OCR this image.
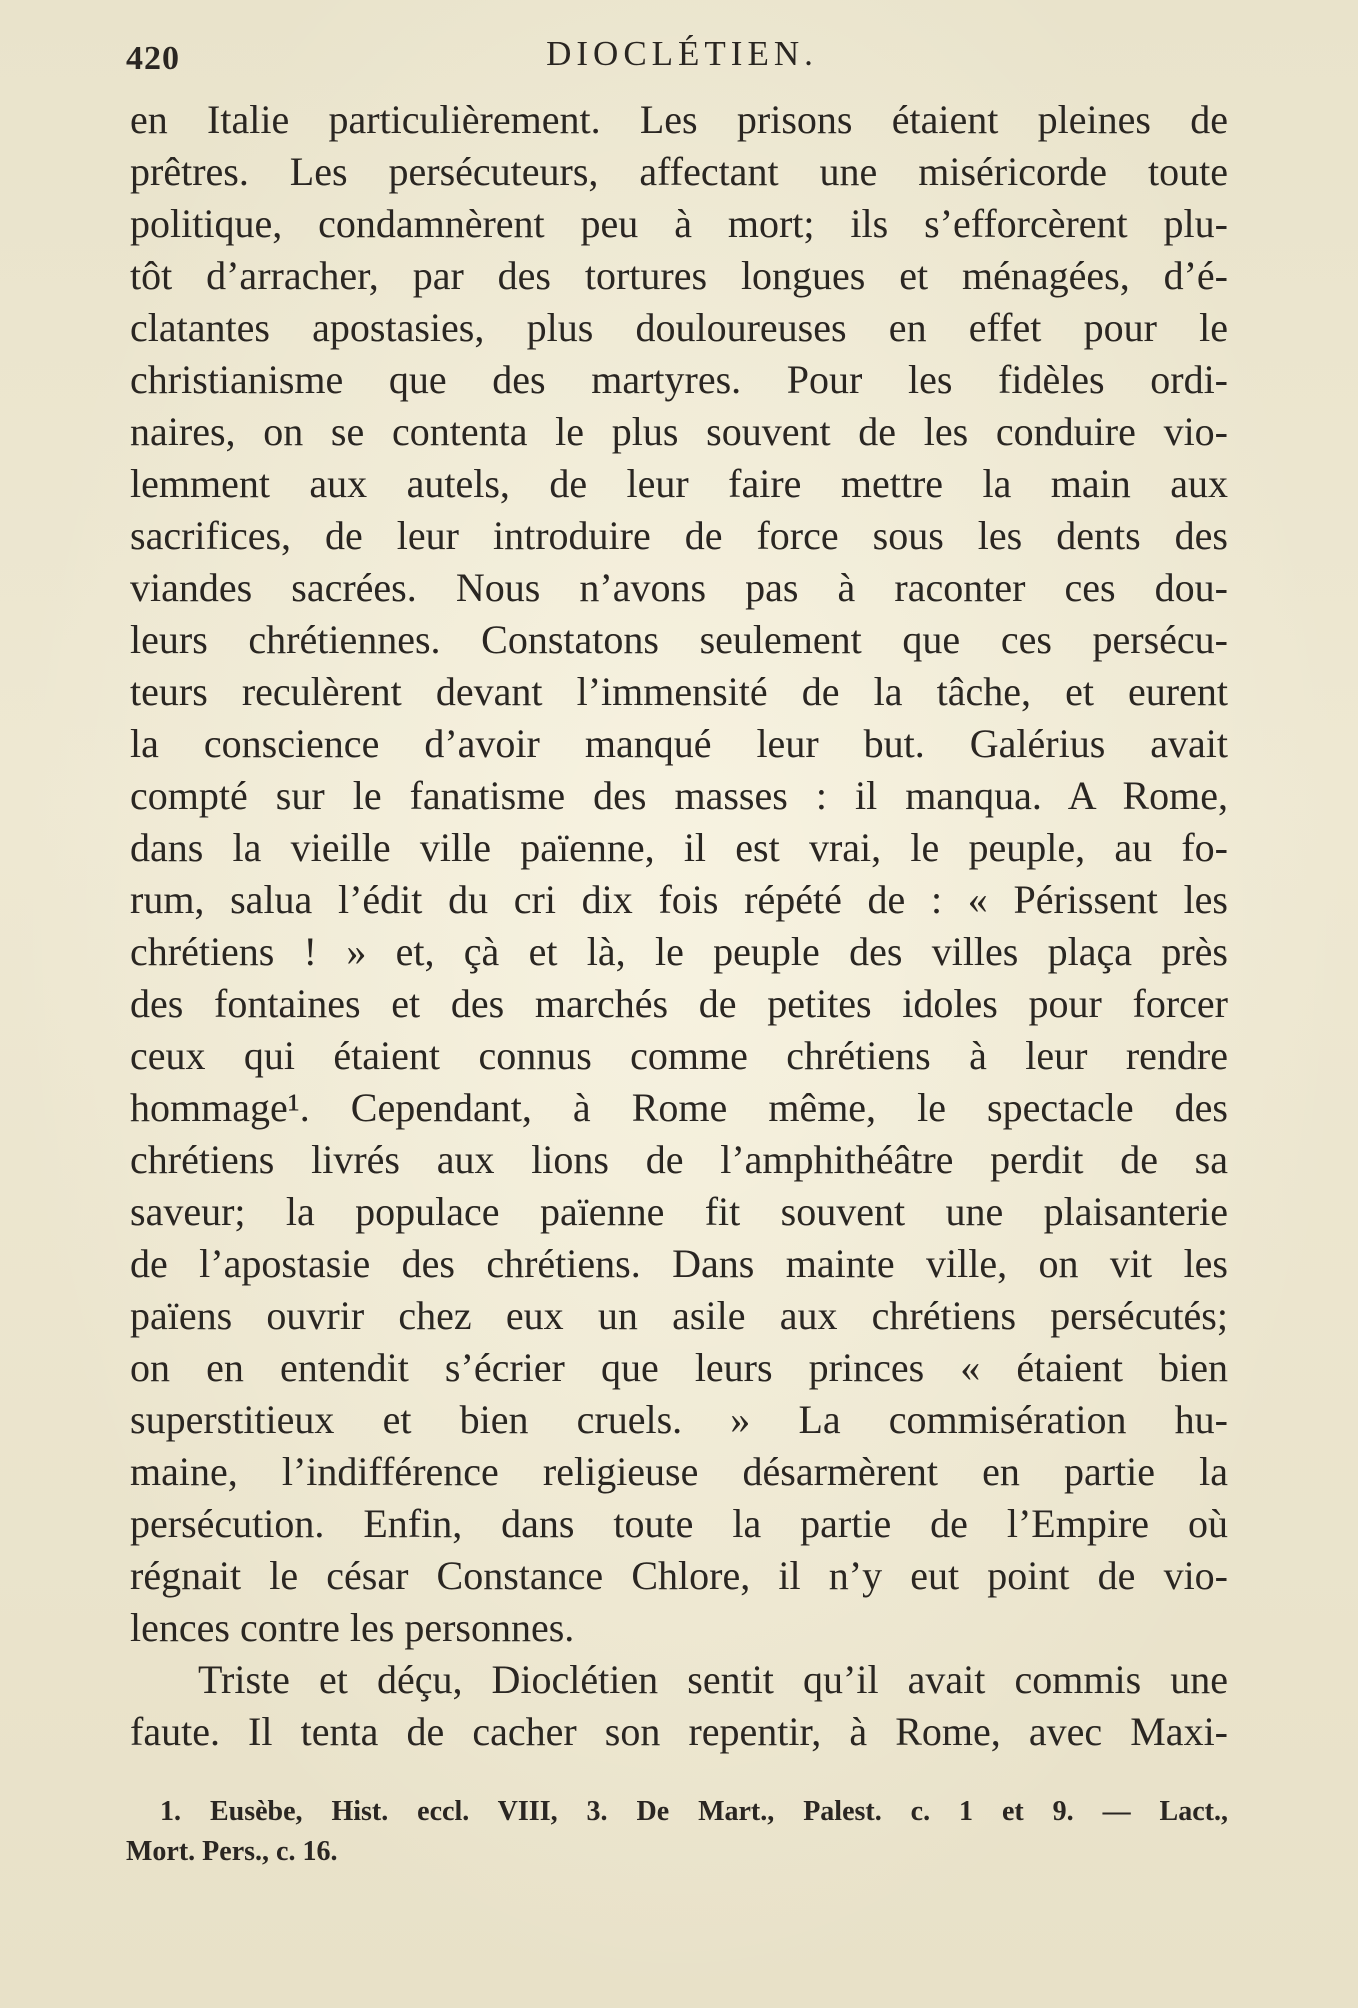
420	DIOCLÉTIEN.
en Italie particulièrement. Les prisons étaient pleines de
prêtres. Les persécuteurs, affectant une miséricorde toute
politique, condamnèrent peu à mort; ils s’efforcèrent plu-
tôt d’arracher, par des tortures longues et ménagées, d’é-
clatantes apostasies, plus douloureuses en effet pour le
christianisme que des martyres. Pour les fidèles ordi-
naires, on se contenta le plus souvent de les conduire vio-
lemment aux autels, de leur faire mettre la main aux
sacrifices, de leur introduire de force sous les dents des
viandes sacrées. Nous n’avons pas à raconter ces dou-
leurs chrétiennes. Constatons seulement que ces persécu-
teurs reculèrent devant l’immensité de la tâche, et eurent
la conscience d’avoir manqué leur but. Galérius avait
compté sur le fanatisme des masses : il manqua. A Rome,
dans la vieille ville païenne, il est vrai, le peuple, au fo-
rum, salua l’édit du cri dix fois répété de : « Périssent les
chrétiens ! » et, çà et là, le peuple des villes plaça près
des fontaines et des marchés de petites idoles pour forcer
ceux qui étaient connus comme chrétiens à leur rendre
hommage¹. Cependant, à Rome même, le spectacle des
chrétiens livrés aux lions de l’amphithéâtre perdit de sa
saveur; la populace païenne fit souvent une plaisanterie
de l’apostasie des chrétiens. Dans mainte ville, on vit les
païens ouvrir chez eux un asile aux chrétiens persécutés;
on en entendit s’écrier que leurs princes « étaient bien
superstitieux et bien cruels. » La commisération hu-
maine, l’indifférence religieuse désarmèrent en partie la
persécution. Enfin, dans toute la partie de l’Empire où
régnait le césar Constance Chlore, il n’y eut point de vio-
lences contre les personnes.
Triste et déçu, Dioclétien sentit qu’il avait commis une
faute. Il tenta de cacher son repentir, à Rome, avec Maxi-
1. Eusèbe, Hist. eccl. VIII, 3. De Mart., Palest. c. 1 et 9. — Lact.,
Mort. Pers., c. 16.
